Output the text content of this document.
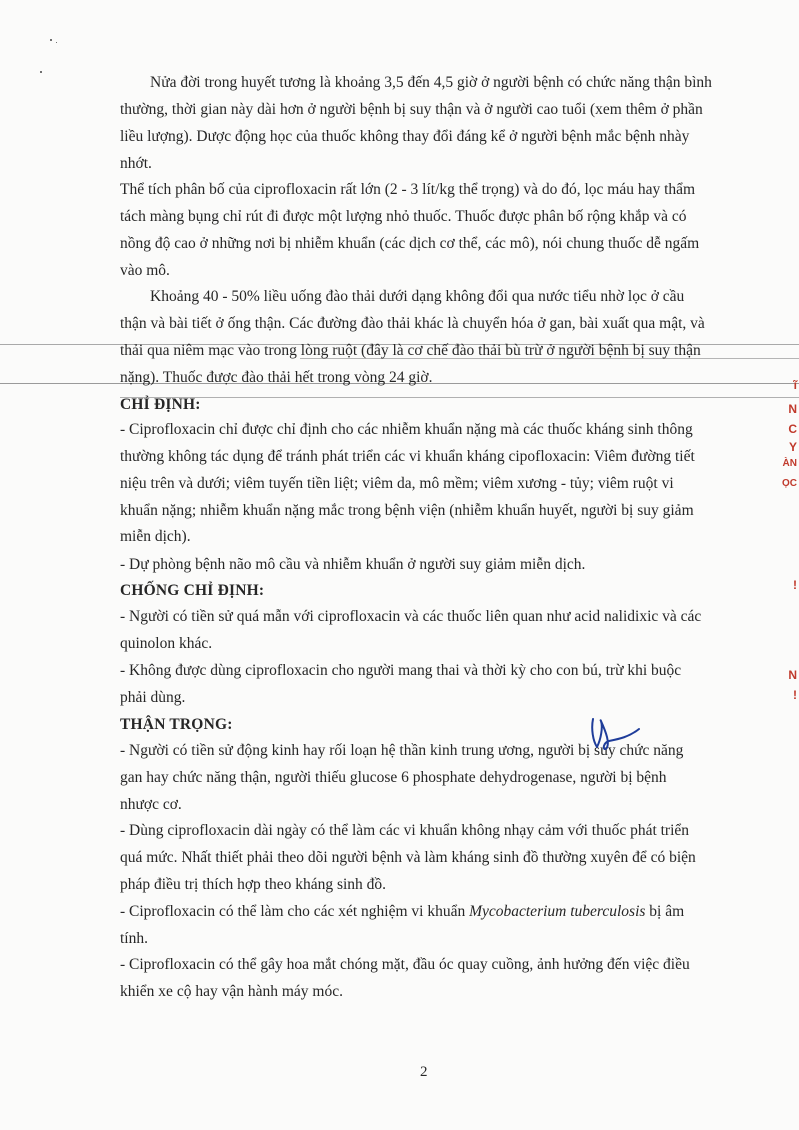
Nửa đời trong huyết tương là khoảng 3,5 đến 4,5 giờ ở người bệnh có chức năng thận bình

thường, thời gian này dài hơn ở người bệnh bị suy thận và ở người cao tuổi (xem thêm ở phần

liều lượng). Dược động học của thuốc không thay đổi đáng kể ở người bệnh mắc bệnh nhày

nhớt.

Thể tích phân bố của ciprofloxacin rất lớn (2 - 3 lít/kg thể trọng) và do đó, lọc máu hay thẩm

tách màng bụng chỉ rút đi được một lượng nhỏ thuốc. Thuốc được phân bố rộng khắp và có

nồng độ cao ở những nơi bị nhiễm khuẩn (các dịch cơ thể, các mô), nói chung thuốc dễ ngấm

vào mô.

Khoảng 40 - 50% liều uống đào thải dưới dạng không đổi qua nước tiểu nhờ lọc ở cầu

thận và bài tiết ở ống thận. Các đường đào thải khác là chuyển hóa ở gan, bài xuất qua mật, và

thải qua niêm mạc vào trong lòng ruột (đây là cơ chế đào thải bù trừ ở người bệnh bị suy thận

nặng). Thuốc được đào thải hết trong vòng 24 giờ.

CHỈ ĐỊNH:

- Ciprofloxacin chỉ được chỉ định cho các nhiễm khuẩn nặng mà các thuốc kháng sinh thông

thường không tác dụng để tránh phát triển các vi khuẩn kháng cipofloxacin: Viêm đường tiết

niệu trên và dưới; viêm tuyến tiền liệt; viêm da, mô mềm; viêm xương - tủy; viêm ruột vi

khuẩn nặng; nhiễm khuẩn nặng mắc trong bệnh viện (nhiễm khuẩn huyết, người bị suy giảm

miễn dịch).

- Dự phòng bệnh não mô cầu và nhiễm khuẩn ở người suy giảm miễn dịch.

CHỐNG CHỈ ĐỊNH:

- Người có tiền sử quá mẫn với ciprofloxacin và các thuốc liên quan như acid nalidixic và các

quinolon khác.

- Không được dùng ciprofloxacin cho người mang thai và thời kỳ cho con bú, trừ khi buộc

phải dùng.

THẬN TRỌNG:

- Người có tiền sử động kinh hay rối loạn hệ thần kinh trung ương, người bị suy chức năng

gan hay chức năng thận, người thiếu glucose 6 phosphate dehydrogenase, người bị bệnh

nhược cơ.

- Dùng ciprofloxacin dài ngày có thể làm các vi khuẩn không nhạy cảm với thuốc phát triển

quá mức. Nhất thiết phải theo dõi người bệnh và làm kháng sinh đồ thường xuyên để có biện

pháp điều trị thích hợp theo kháng sinh đồ.

- Ciprofloxacin có thể làm cho các xét nghiệm vi khuẩn Mycobacterium tuberculosis bị âm

tính.

- Ciprofloxacin có thể gây hoa mắt chóng mặt, đầu óc quay cuồng, ảnh hưởng đến việc điều

khiển xe cộ hay vận hành máy móc.

ĩ
N
C
Y
ÀN
ỌC
!
N
!
2
